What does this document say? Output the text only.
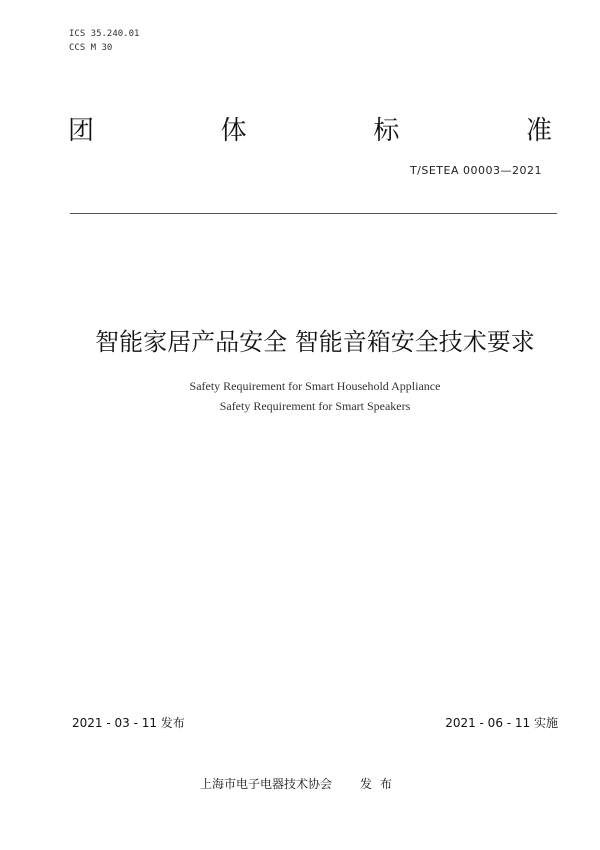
ICS 35.240.01
CCS M 30
团	体	标	准
T/SETEA 00003—2021
智能家居产品安全 智能音箱安全技术要求
Safety Requirement for Smart Household Appliance
Safety Requirement for Smart Speakers
2021 - 03 - 11 发布	2021 - 06 - 11 实施
上海市电子电器技术协会 发布
